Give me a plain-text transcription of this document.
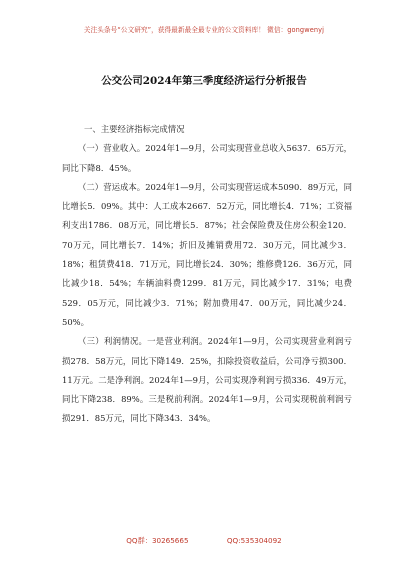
关注头条号“公文研究”，获得最新最全最专业的公文资料库！ 微信：gongwenyj
公交公司2024年第三季度经济运行分析报告

一、主要经济指标完成情况

（一）营业收入。2024年1—9月，公司实现营业总收入5637．65万元，同比下降8．45%。

（二）营运成本。2024年1—9月，公司实现营运成本5090．89万元，同比增长5．09%。其中：人工成本2667．52万元，同比增长4．71%；工资福利支出1786．08万元，同比增长5．87%；社会保险费及住房公积金120．70万元，同比增长7．14%；折旧及摊销费用72．30万元，同比减少3．18%；租赁费418．71万元，同比增长24．30%；维修费126．36万元，同比减少18．54%；车辆油料费1299．81万元，同比减少17．31%；电费529．05万元，同比减少3．71%；附加费用47．00万元，同比减少24．50%。

（三）利润情况。一是营业利润。2024年1—9月，公司实现营业利润亏损278．58万元，同比下降149．25%，扣除投资收益后，公司净亏损300．11万元。二是净利润。2024年1—9月，公司实现净利润亏损336．49万元，同比下降238．89%。三是税前利润。2024年1—9月，公司实现税前利润亏损291．85万元，同比下降343．34%。

QQ群：30265665	QQ:535304092
